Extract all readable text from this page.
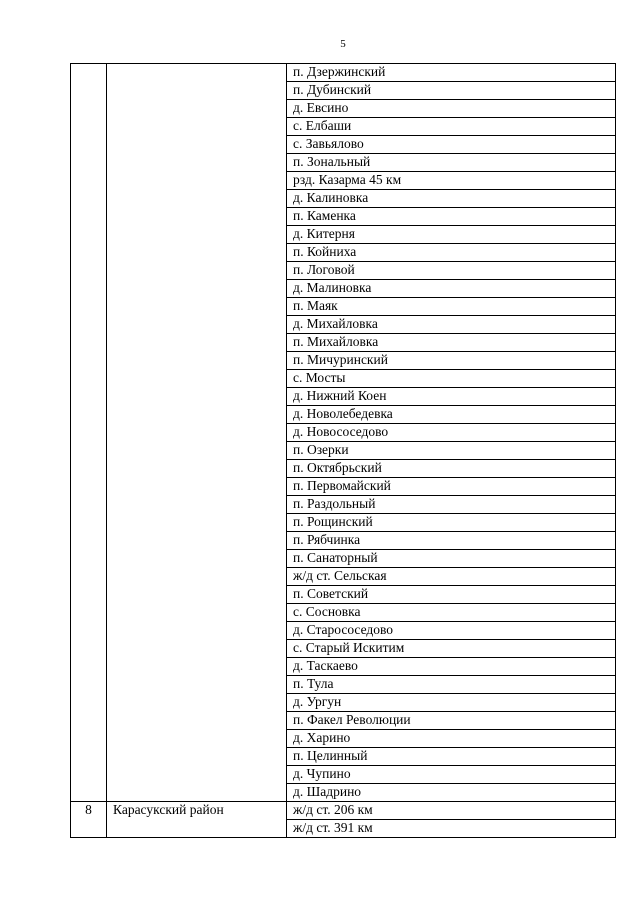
5
		п. Дзержинский
		п. Дубинский
		д. Евсино
		с. Елбаши
		с. Завьялово
		п. Зональный
		рзд. Казарма 45 км
		д. Калиновка
		п. Каменка
		д. Китерня
		п. Койниха
		п. Логовой
		д. Малиновка
		п. Маяк
		д. Михайловка
		п. Михайловка
		п. Мичуринский
		с. Мосты
		д. Нижний Коен
		д. Новолебедевка
		д. Новососедово
		п. Озерки
		п. Октябрьский
		п. Первомайский
		п. Раздольный
		п. Рощинский
		п. Рябчинка
		п. Санаторный
		ж/д ст. Сельская
		п. Советский
		с. Сосновка
		д. Старососедово
		с. Старый Искитим
		д. Таскаево
		п. Тула
		д. Ургун
		п. Факел Революции
		д. Харино
		п. Целинный
		д. Чупино
		д. Шадрино
8	Карасукский район	ж/д ст. 206 км
		ж/д ст. 391 км
